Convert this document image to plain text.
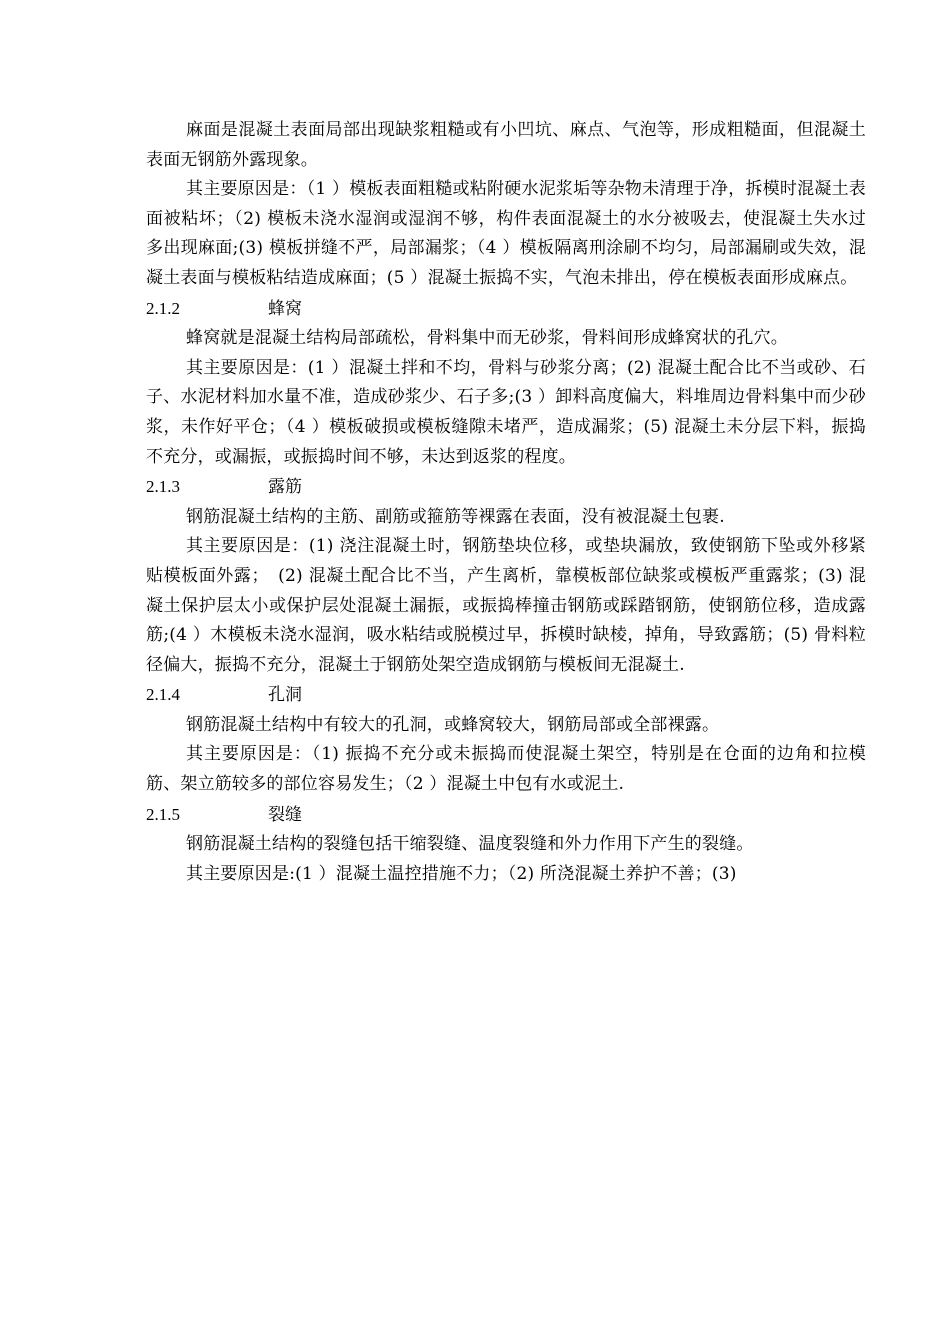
麻面是混凝土表面局部出现缺浆粗糙或有小凹坑、麻点、气泡等，形成粗糙面，但混凝土表面无钢筋外露现象。

其主要原因是：（1 ）模板表面粗糙或粘附硬水泥浆垢等杂物未清理于净，拆模时混凝土表面被粘坏；（2) 模板未浇水湿润或湿润不够，构件表面混凝土的水分被吸去，使混凝土失水过多出现麻面;(3) 模板拼缝不严，局部漏浆；（4 ）模板隔离刑涂刷不均匀，局部漏刷或失效，混凝土表面与模板粘结造成麻面；(5 ）混凝土振捣不实，气泡未排出，停在模板表面形成麻点。

2.1.2	蜂窝

蜂窝就是混凝土结构局部疏松，骨料集中而无砂浆，骨料间形成蜂窝状的孔穴。

其主要原因是：(1 ）混凝土拌和不均，骨料与砂浆分离；(2) 混凝土配合比不当或砂、石子、水泥材料加水量不准，造成砂浆少、石子多;(3 ）卸料高度偏大，料堆周边骨料集中而少砂浆，未作好平仓；（4 ）模板破损或模板缝隙未堵严，造成漏浆；(5) 混凝土未分层下料，振捣不充分，或漏振，或振捣时间不够，未达到返浆的程度。

2.1.3	露筋

钢筋混凝土结构的主筋、副筋或箍筋等裸露在表面，没有被混凝土包裹.

其主要原因是：(1) 浇注混凝土时，钢筋垫块位移，或垫块漏放，致使钢筋下坠或外移紧贴模板面外露；　(2) 混凝土配合比不当，产生离析，靠模板部位缺浆或模板严重露浆；(3) 混凝土保护层太小或保护层处混凝土漏振，或振捣棒撞击钢筋或踩踏钢筋，使钢筋位移，造成露筋;(4 ）木模板未浇水湿润，吸水粘结或脱模过早，拆模时缺棱，掉角，导致露筋；(5) 骨料粒径偏大，振捣不充分，混凝土于钢筋处架空造成钢筋与模板间无混凝土.

2.1.4	孔洞

钢筋混凝土结构中有较大的孔洞，或蜂窝较大，钢筋局部或全部裸露。

其主要原因是：（1) 振捣不充分或未振捣而使混凝土架空，特别是在仓面的边角和拉模筋、架立筋较多的部位容易发生；（2 ）混凝土中包有水或泥土.

2.1.5	裂缝

钢筋混凝土结构的裂缝包括干缩裂缝、温度裂缝和外力作用下产生的裂缝。

其主要原因是:(1 ）混凝土温控措施不力；（2) 所浇混凝土养护不善；(3)
